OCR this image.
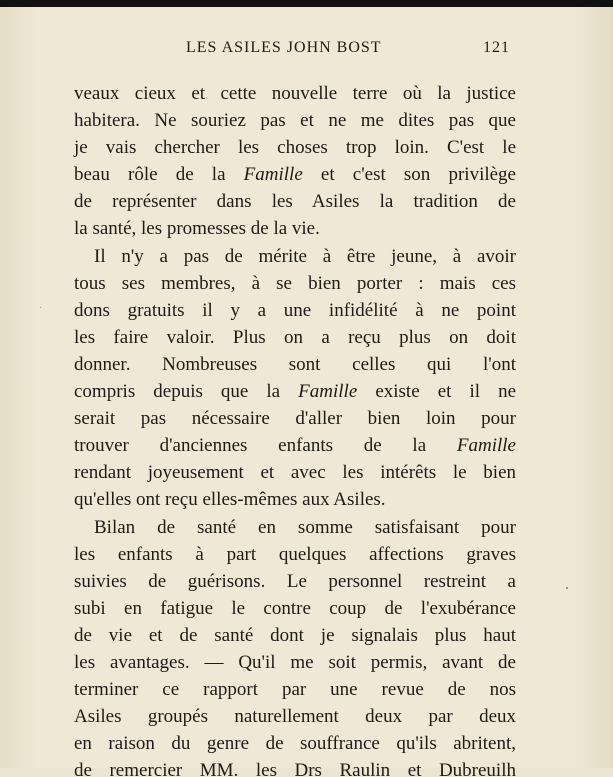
LES ASILES JOHN BOST	121
veaux cieux et cette nouvelle terre où la justice
habitera. Ne souriez pas et ne me dites pas que
je vais chercher les choses trop loin. C'est le
beau rôle de la Famille et c'est son privilège
de représenter dans les Asiles la tradition de
la santé, les promesses de la vie.
Il n'y a pas de mérite à être jeune, à avoir
tous ses membres, à se bien porter : mais ces
dons gratuits il y a une infidélité à ne point
les faire valoir. Plus on a reçu plus on doit
donner. Nombreuses sont celles qui l'ont
compris depuis que la Famille existe et il ne
serait pas nécessaire d'aller bien loin pour
trouver d'anciennes enfants de la Famille
rendant joyeusement et avec les intérêts le bien
qu'elles ont reçu elles-mêmes aux Asiles.
Bilan de santé en somme satisfaisant pour
les enfants à part quelques affections graves
suivies de guérisons. Le personnel restreint a
subi en fatigue le contre coup de l'exubérance
de vie et de santé dont je signalais plus haut
les avantages. — Qu'il me soit permis, avant de
terminer ce rapport par une revue de nos
Asiles groupés naturellement deux par deux
en raison du genre de souffrance qu'ils abritent,
de remercier MM. les Drs Raulin et Dubreuilh
